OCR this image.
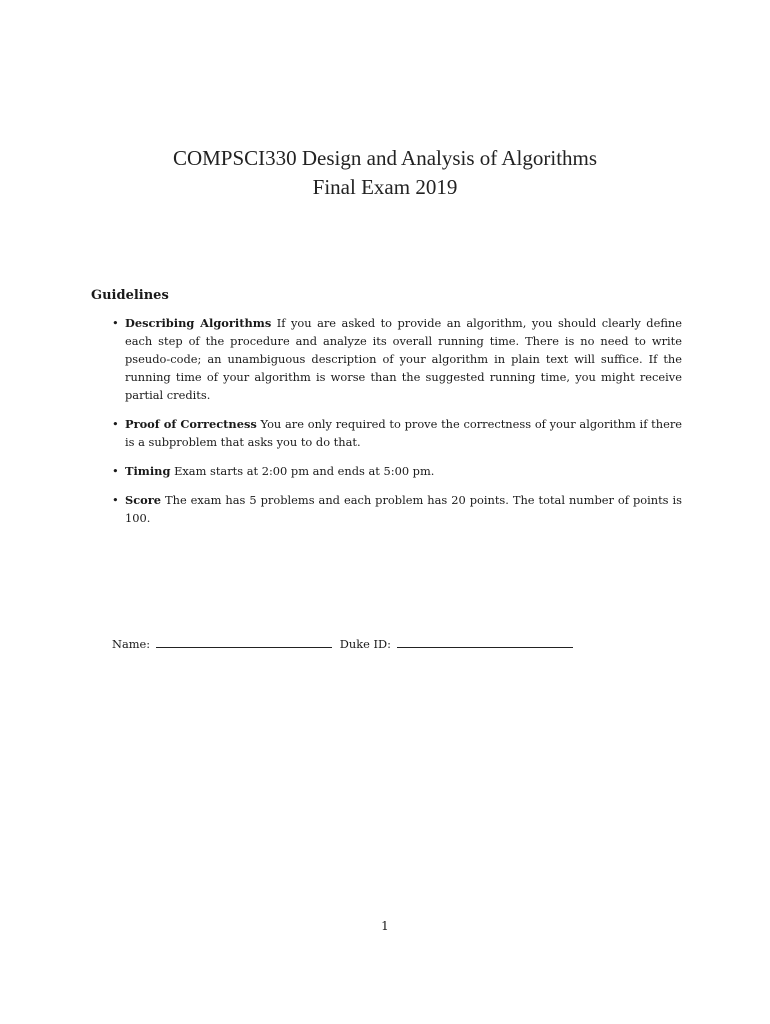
COMPSCI330 Design and Analysis of Algorithms
Final Exam 2019
Guidelines
• Describing Algorithms If you are asked to provide an algorithm, you should clearly define each step of the procedure and analyze its overall running time. There is no need to write pseudo-code; an unambiguous description of your algorithm in plain text will suffice. If the running time of your algorithm is worse than the suggested running time, you might receive partial credits.
• Proof of Correctness You are only required to prove the correctness of your algorithm if there is a subproblem that asks you to do that.
• Timing Exam starts at 2:00 pm and ends at 5:00 pm.
• Score The exam has 5 problems and each problem has 20 points. The total number of points is 100.
Name:	Duke ID:
1
